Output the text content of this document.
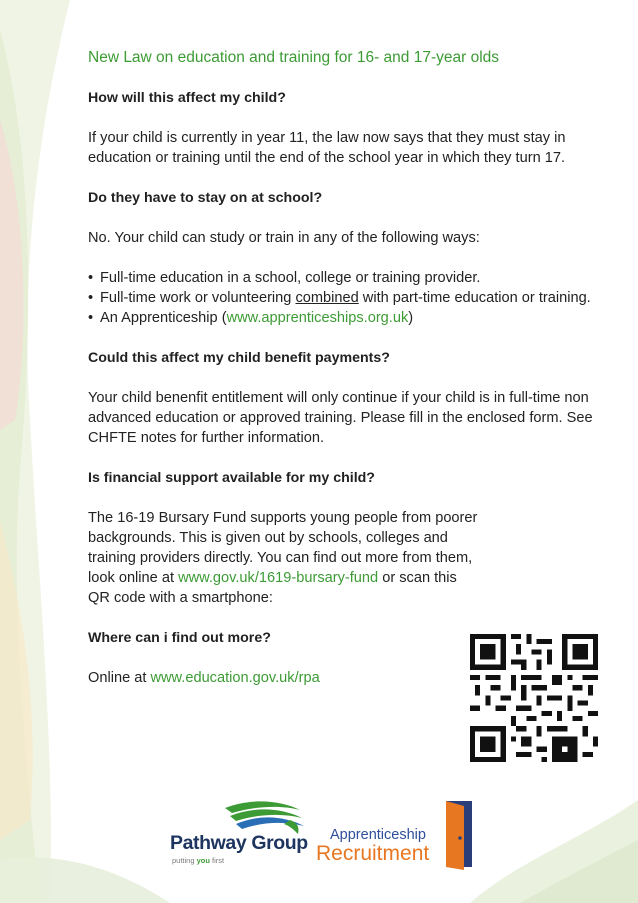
New Law on education and training for 16- and 17-year olds
How will this affect my child?

If your child is currently in year 11, the law now says that they must stay in education or training until the end of the school year in which they turn 17.

Do they have to stay on at school?

No. Your child can study or train in any of the following ways:

• Full-time education in a school, college or training provider.
• Full-time work or volunteering combined with part-time education or training.
• An Apprenticeship (www.apprenticeships.org.uk)
Could this affect my child benefit payments?

Your child benenfit entitlement will only continue if your child is in full-time non advanced education or approved training. Please fill in the enclosed form. See CHFTE notes for further information.

Is financial support available for my child?

The 16-19 Bursary Fund supports young people from poorer backgrounds. This is given out by schools, colleges and training providers directly. You can find out more from them, look online at www.gov.uk/1619-bursary-fund or scan this QR code with a smartphone:

Where can i find out more?

Online at www.education.gov.uk/rpa

Pathway Group
putting you first
Apprenticeship
Recruitment
